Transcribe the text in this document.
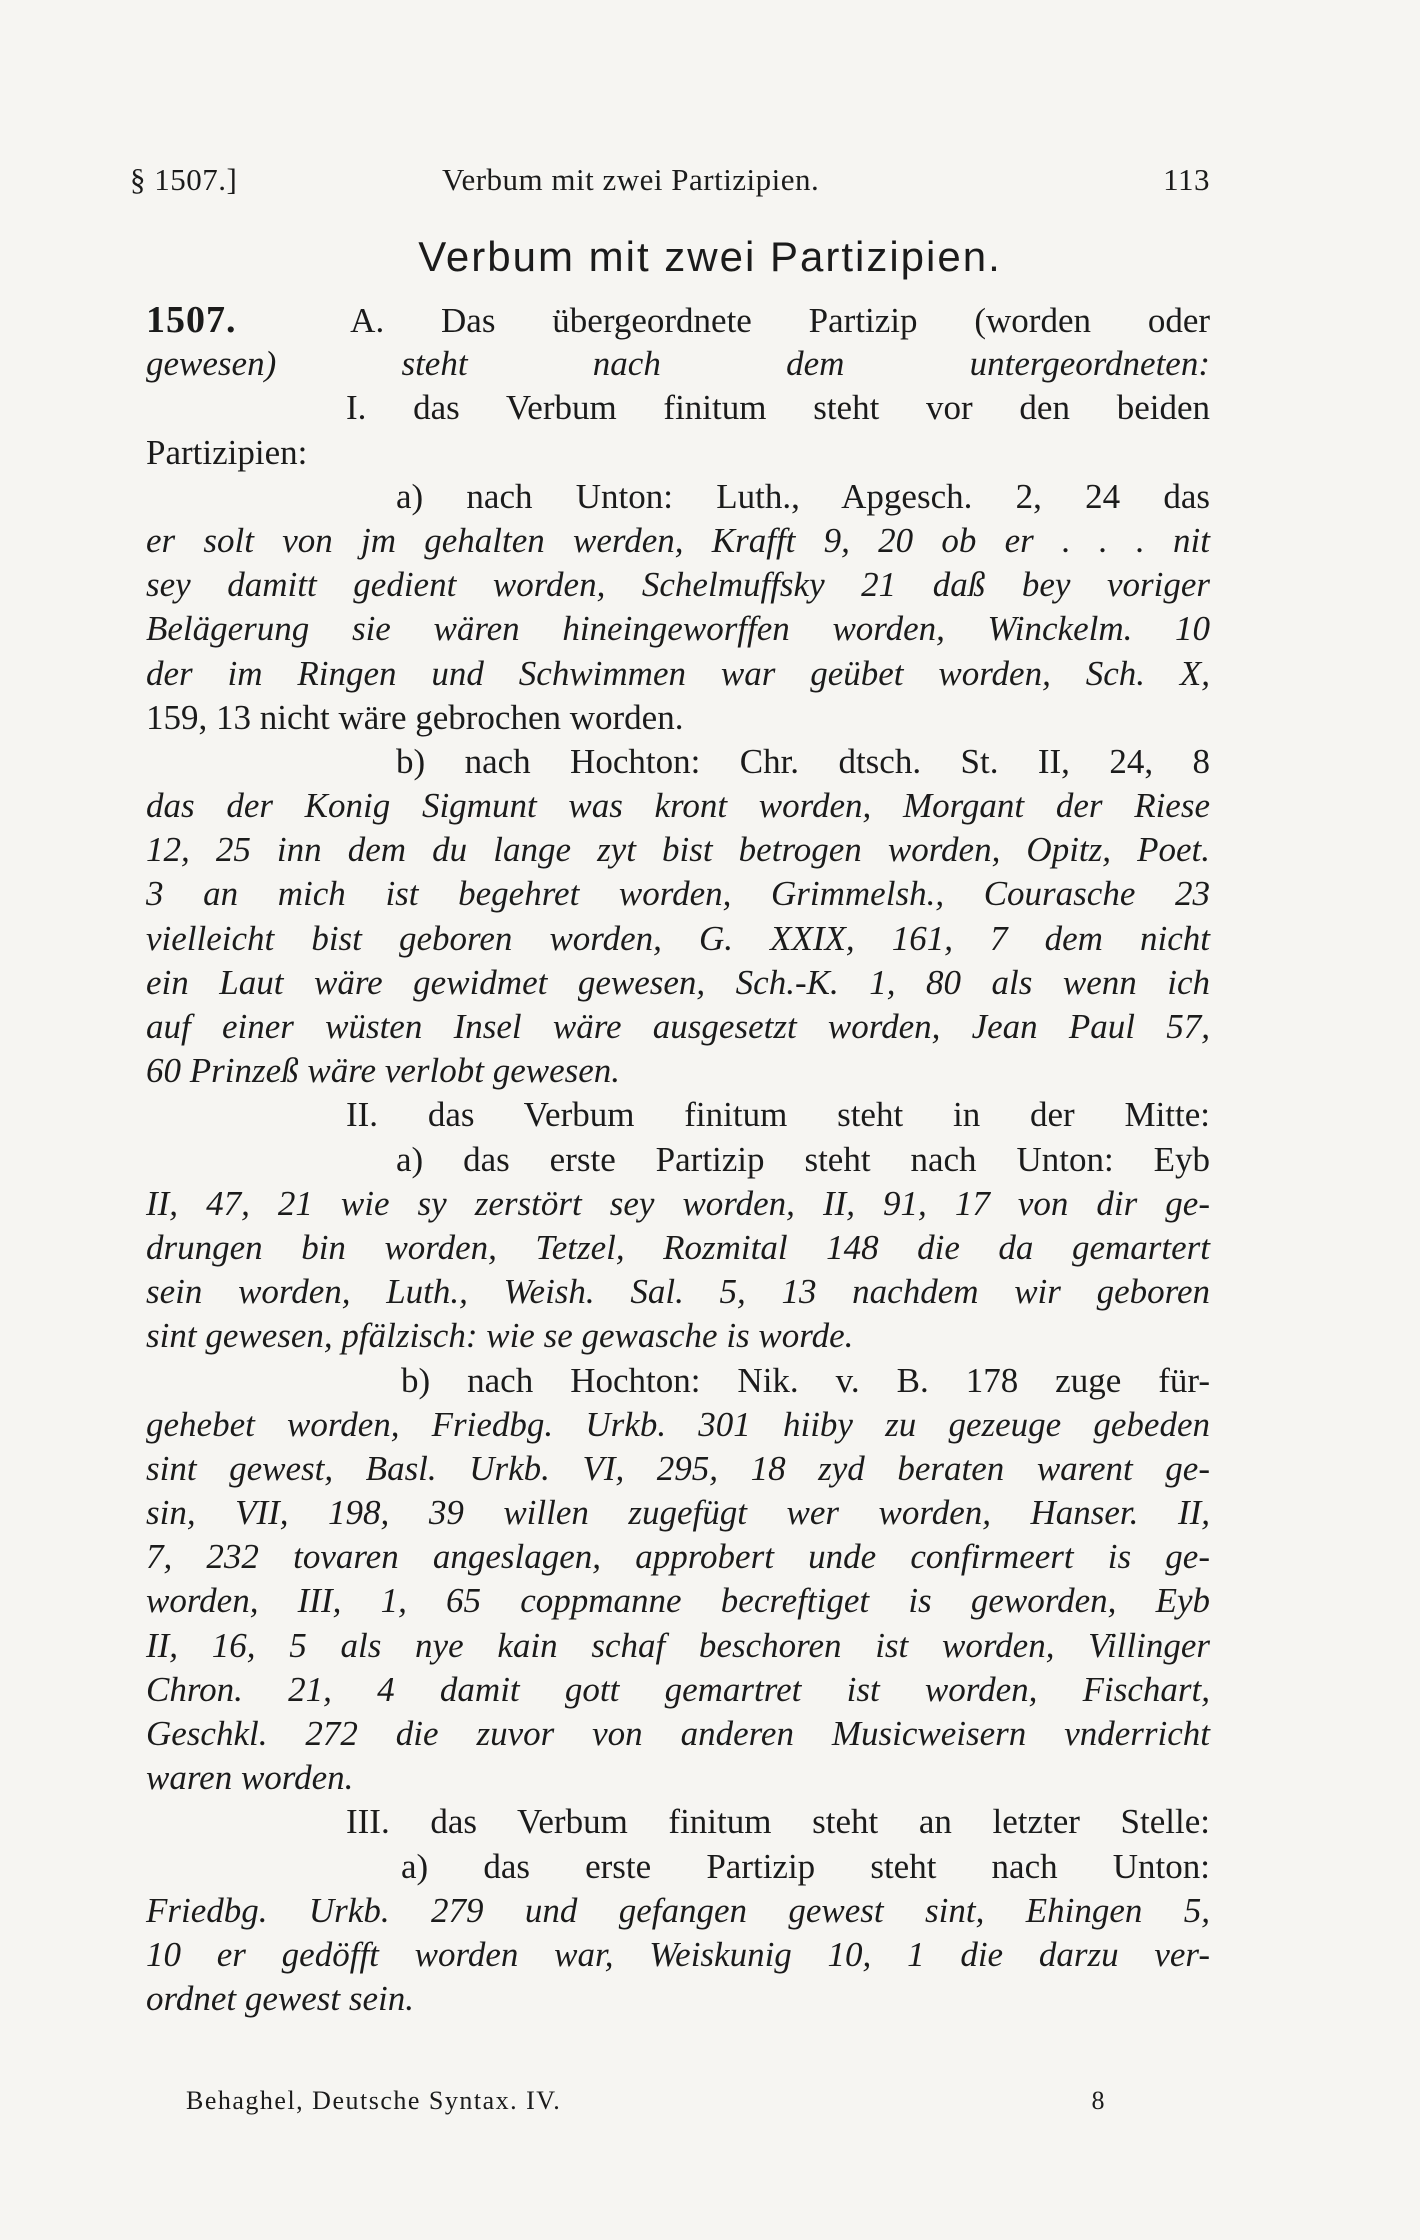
§ 1507.]	Verbum mit zwei Partizipien.	113
Verbum mit zwei Partizipien.
1507.	A. Das übergeordnete Partizip (worden oder
gewesen) steht nach dem untergeordneten:
I. das Verbum finitum steht vor den beiden
Partizipien:
a) nach Unton: Luth., Apgesch. 2, 24 das
er solt von jm gehalten werden, Krafft 9, 20 ob er . . . nit
sey damitt gedient worden, Schelmuffsky 21 daß bey voriger
Belägerung sie wären hineingeworffen worden, Winckelm. 10
der im Ringen und Schwimmen war geübet worden, Sch. X,
159, 13 nicht wäre gebrochen worden.
b) nach Hochton: Chr. dtsch. St. II, 24, 8
das der Konig Sigmunt was kront worden, Morgant der Riese
12, 25 inn dem du lange zyt bist betrogen worden, Opitz, Poet.
3 an mich ist begehret worden, Grimmelsh., Courasche 23
vielleicht bist geboren worden, G. XXIX, 161, 7 dem nicht
ein Laut wäre gewidmet gewesen, Sch.-K. 1, 80 als wenn ich
auf einer wüsten Insel wäre ausgesetzt worden, Jean Paul 57,
60 Prinzeß wäre verlobt gewesen.
II. das Verbum finitum steht in der Mitte:
a) das erste Partizip steht nach Unton: Eyb
II, 47, 21 wie sy zerstört sey worden, II, 91, 17 von dir ge-
drungen bin worden, Tetzel, Rozmital 148 die da gemartert
sein worden, Luth., Weish. Sal. 5, 13 nachdem wir geboren
sint gewesen, pfälzisch: wie se gewasche is worde.
b) nach Hochton: Nik. v. B. 178 zuge für-
gehebet worden, Friedbg. Urkb. 301 hiiby zu gezeuge gebeden
sint gewest, Basl. Urkb. VI, 295, 18 zyd beraten warent ge-
sin, VII, 198, 39 willen zugefügt wer worden, Hanser. II,
7, 232 tovaren angeslagen, approbert unde confirmeert is ge-
worden, III, 1, 65 coppmanne becreftiget is geworden, Eyb
II, 16, 5 als nye kain schaf beschoren ist worden, Villinger
Chron. 21, 4 damit gott gemartret ist worden, Fischart,
Geschkl. 272 die zuvor von anderen Musicweisern vnderricht
waren worden.
III. das Verbum finitum steht an letzter Stelle:
a) das erste Partizip steht nach Unton:
Friedbg. Urkb. 279 und gefangen gewest sint, Ehingen 5,
10 er gedöfft worden war, Weiskunig 10, 1 die darzu ver-
ordnet gewest sein.
Behaghel, Deutsche Syntax. IV.	8
